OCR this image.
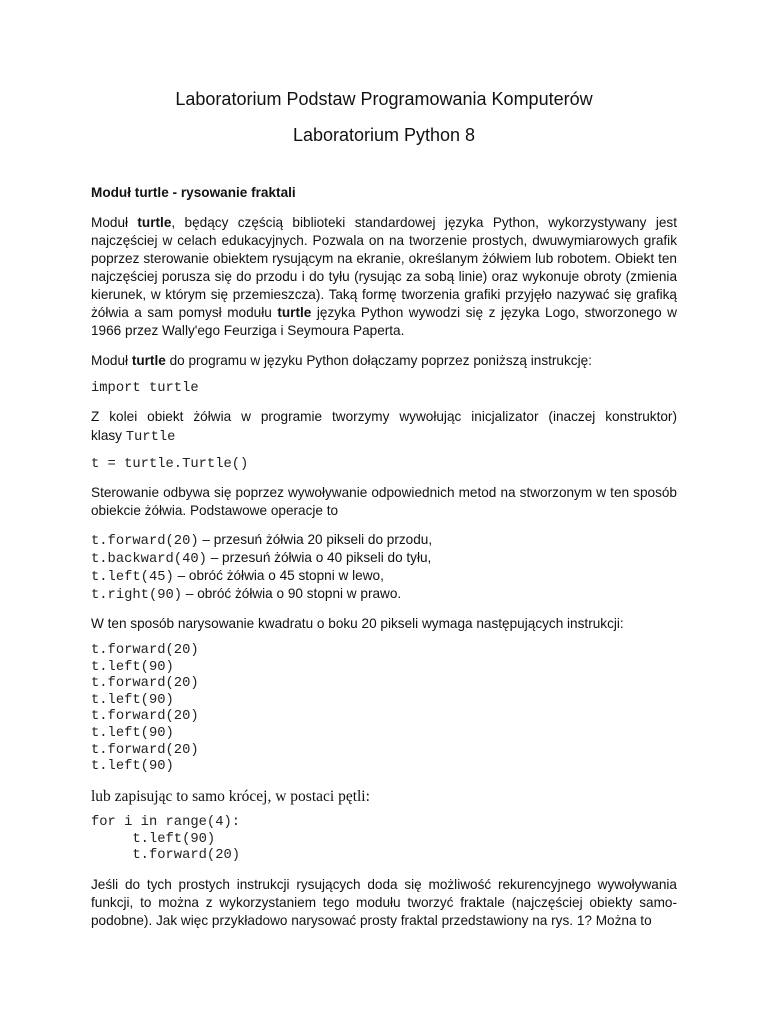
Laboratorium Podstaw Programowania Komputerów
Laboratorium Python 8
Moduł turtle - rysowanie fraktali

Moduł turtle, będący częścią biblioteki standardowej języka Python, wykorzystywany jest najczęściej w celach edukacyjnych. Pozwala on na tworzenie prostych, dwuwymiarowych grafik poprzez sterowanie obiektem rysującym na ekranie, określanym żółwiem lub robotem. Obiekt ten najczęściej porusza się do przodu i do tyłu (rysując za sobą linie) oraz wykonuje obroty (zmienia kierunek, w którym się przemieszcza). Taką formę tworzenia grafiki przyjęło nazywać się grafiką żółwia a sam pomysł modułu turtle języka Python wywodzi się z języka Logo, stworzonego w 1966 przez Wally'ego Feurziga i Seymoura Paperta.

Moduł turtle do programu w języku Python dołączamy poprzez poniższą instrukcję:
import turtle
Z kolei obiekt żółwia w programie tworzymy wywołując inicjalizator (inaczej konstruktor)
klasy Turtle
t = turtle.Turtle()

Sterowanie odbywa się poprzez wywoływanie odpowiednich metod na stworzonym w ten sposób obiekcie żółwia. Podstawowe operacje to

t.forward(20) – przesuń żółwia 20 pikseli do przodu,
t.backward(40) – przesuń żółwia o 40 pikseli do tyłu,
t.left(45) – obróć żółwia o 45 stopni w lewo,
t.right(90) – obróć żółwia o 90 stopni w prawo.
W ten sposób narysowanie kwadratu o boku 20 pikseli wymaga następujących instrukcji:
t.forward(20)
t.left(90)
t.forward(20)
t.left(90)
t.forward(20)
t.left(90)
t.forward(20)
t.left(90)
lub zapisując to samo krócej, w postaci pętli:
for i in range(4):
t.left(90)
t.forward(20)

Jeśli do tych prostych instrukcji rysujących doda się możliwość rekurencyjnego wywoływania funkcji, to można z wykorzystaniem tego modułu tworzyć fraktale (najczęściej obiekty samo-podobne). Jak więc przykładowo narysować prosty fraktal przedstawiony na rys. 1? Można to
